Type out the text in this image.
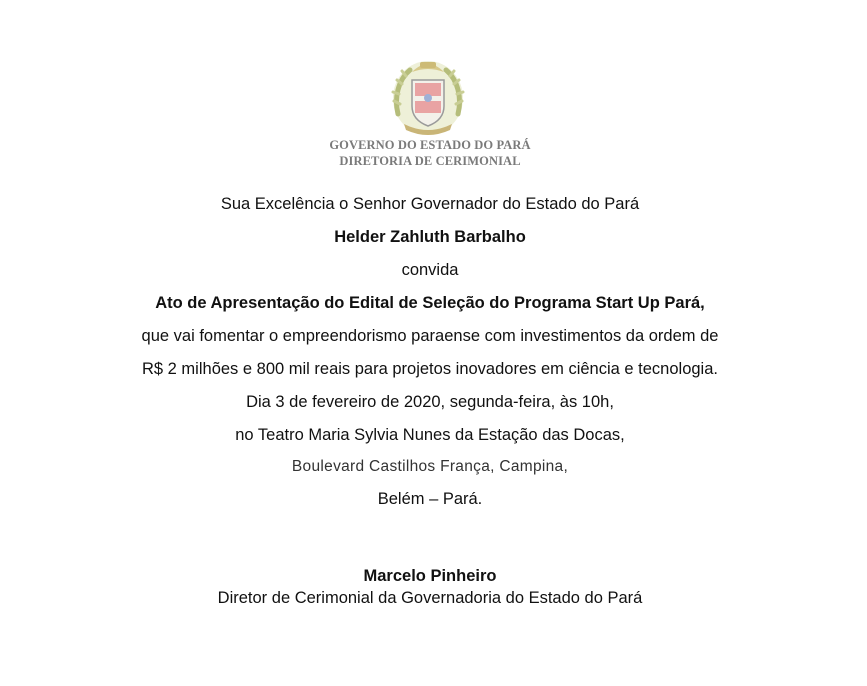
GOVERNO DO ESTADO DO PARÁ
DIRETORIA DE CERIMONIAL
Sua Excelência o Senhor Governador do Estado do Pará
Helder Zahluth Barbalho
convida
Ato de Apresentação do Edital de Seleção do Programa Start Up Pará,
que vai fomentar o empreendorismo paraense com investimentos da ordem de
R$ 2 milhões e 800 mil reais para projetos inovadores em ciência e tecnologia.
Dia 3 de fevereiro de 2020, segunda-feira, às 10h,
no Teatro Maria Sylvia Nunes da Estação das Docas,
Boulevard Castilhos França, Campina,
Belém – Pará.
Marcelo Pinheiro
Diretor de Cerimonial da Governadoria do Estado do Pará
